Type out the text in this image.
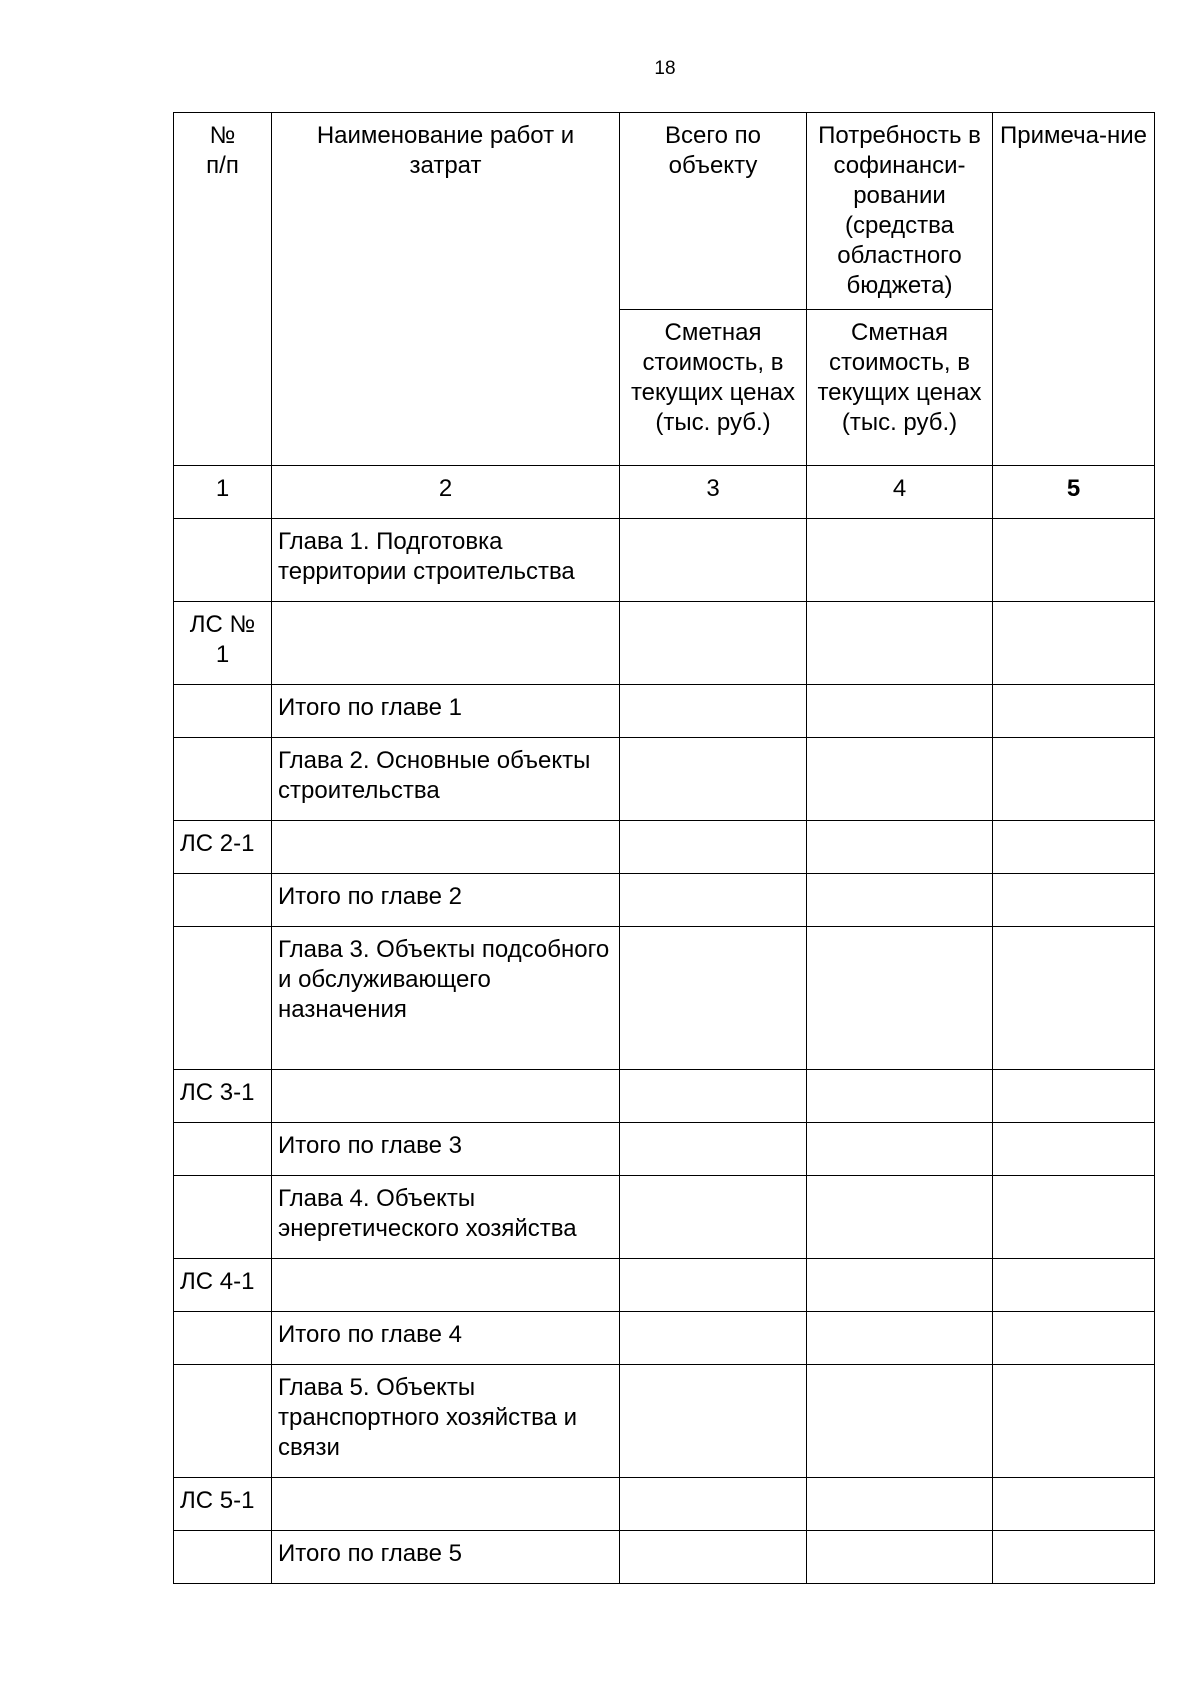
18
№
п/п	Наименование работ и затрат	Всего по объекту	Потребность в софинанси-ровании (средства областного бюджета)	Примеча-ние
		Сметная стоимость, в текущих ценах (тыс. руб.)	Сметная стоимость, в текущих ценах (тыс. руб.)	
1	2	3	4	5
	Глава 1. Подготовка территории строительства			
ЛС № 1				
	Итого по главе 1			
	Глава 2. Основные объекты строительства			
ЛС 2-1				
	Итого по главе 2			
	Глава 3. Объекты подсобного и обслуживающего назначения			
ЛС 3-1				
	Итого по главе 3			
	Глава 4. Объекты энергетического хозяйства			
ЛС 4-1				
	Итого по главе 4			
	Глава 5. Объекты транспортного хозяйства и связи			
ЛС 5-1				
	Итого по главе 5			
